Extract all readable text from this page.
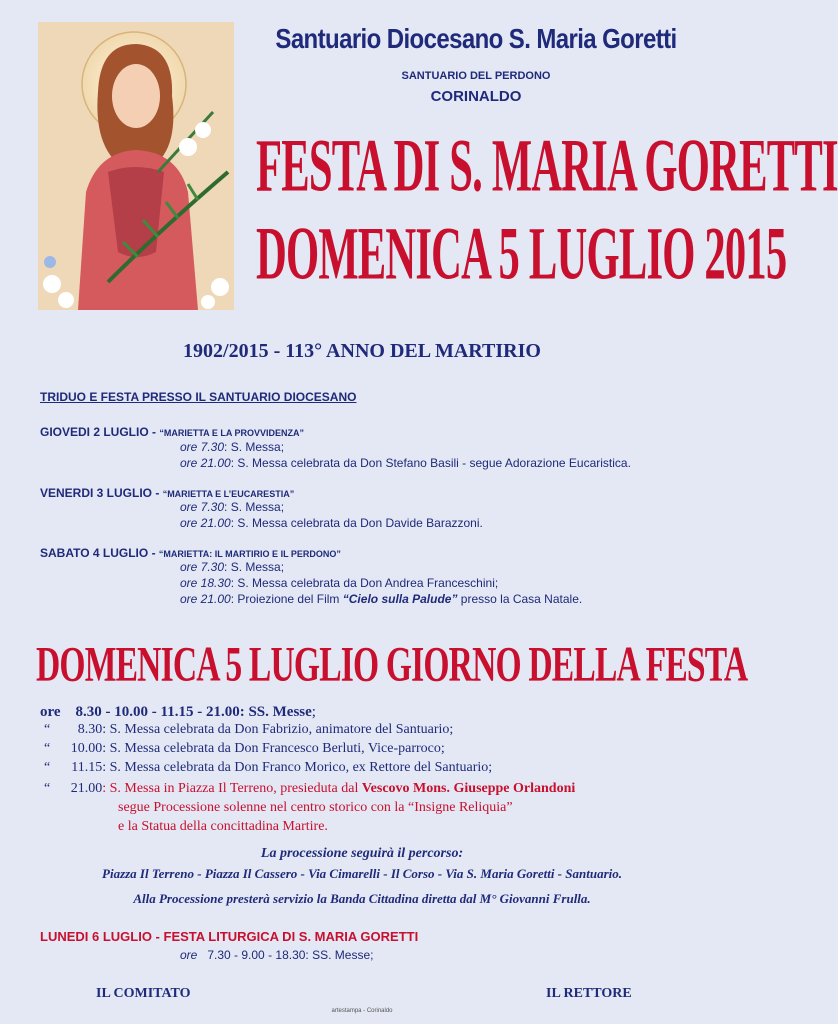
Santuario Diocesano S. Maria Goretti
SANTUARIO DEL PERDONO
CORINALDO
FESTA DI S. MARIA GORETTI
DOMENICA 5 LUGLIO 2015
1902/2015 - 113° ANNO DEL MARTIRIO
TRIDUO E FESTA PRESSO IL SANTUARIO DIOCESANO
GIOVEDI 2 LUGLIO - “MARIETTA E LA PROVVIDENZA”
ore 7.30: S. Messa;
ore 21.00: S. Messa celebrata da Don Stefano Basili - segue Adorazione Eucaristica.
VENERDI 3 LUGLIO - “MARIETTA E L’EUCARESTIA”
ore 7.30: S. Messa;
ore 21.00: S. Messa celebrata da Don Davide Barazzoni.
SABATO 4 LUGLIO - “MARIETTA: IL MARTIRIO E IL PERDONO”
ore 7.30: S. Messa;
ore 18.30: S. Messa celebrata da Don Andrea Franceschini;
ore 21.00: Proiezione del Film “Cielo sulla Palude” presso la Casa Natale.
DOMENICA 5 LUGLIO GIORNO DELLA FESTA
ore 8.30 - 10.00 - 11.15 - 21.00: SS. Messe;
“ 8.30: S. Messa celebrata da Don Fabrizio, animatore del Santuario;
“ 10.00: S. Messa celebrata da Don Francesco Berluti, Vice-parroco;
“ 11.15: S. Messa celebrata da Don Franco Morico, ex Rettore del Santuario;
“ 21.00: S. Messa in Piazza Il Terreno, presieduta dal Vescovo Mons. Giuseppe Orlandoni
segue Processione solenne nel centro storico con la “Insigne Reliquia”
e la Statua della concittadina Martire.
La processione seguirà il percorso:
Piazza Il Terreno - Piazza Il Cassero - Via Cimarelli - Il Corso - Via S. Maria Goretti - Santuario.
Alla Processione presterà servizio la Banda Cittadina diretta dal M° Giovanni Frulla.
LUNEDI 6 LUGLIO - FESTA LITURGICA DI S. MARIA GORETTI
ore 7.30 - 9.00 - 18.30: SS. Messe;
IL COMITATO	IL RETTORE
artestampa - Corinaldo
